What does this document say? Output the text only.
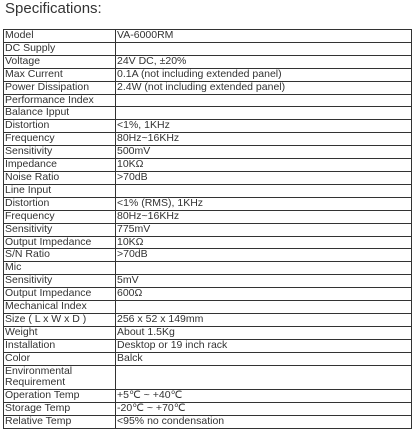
Specifications:
Model	VA-6000RM
DC Supply	
Voltage	24V DC, ±20%
Max Current	0.1A (not including extended panel)
Power Dissipation	2.4W (not including extended panel)
Performance Index	
Balance Ipput	
Distortion	<1%, 1KHz
Frequency	80Hz~16KHz
Sensitivity	500mV
Impedance	10KΩ
Noise Ratio	>70dB
Line Input	
Distortion	<1% (RMS), 1KHz
Frequency	80Hz~16KHz
Sensitivity	775mV
Output Impedance	10KΩ
S/N Ratio	>70dB
Mic	
Sensitivity	5mV
Output Impedance	600Ω
Mechanical Index	
Size ( L x W x D )	256 x 52 x 149mm
Weight	About 1.5Kg
Installation	Desktop or 19 inch rack
Color	Balck
Environmental Requirement	
Operation Temp	+5℃ ~ +40℃
Storage Temp	-20℃ ~ +70℃
Relative Temp	<95% no condensation
